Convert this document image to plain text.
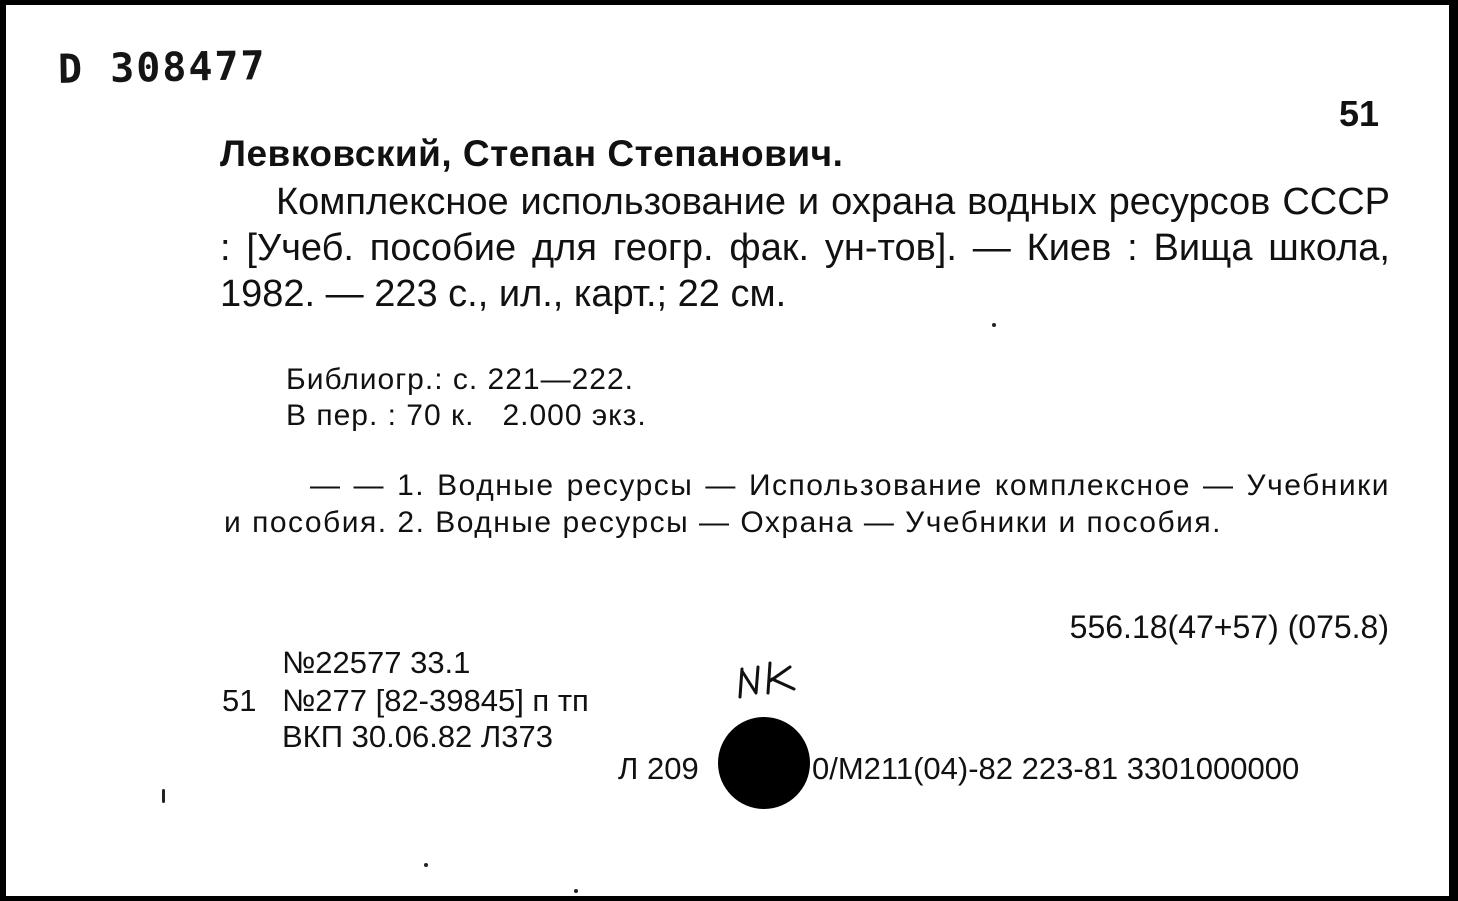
D 308477
51
Левковский, Степан Степанович.
Комплексное использование и охрана водных ресурсов СССР : [Учеб. пособие для геогр. фак. ун-тов]. — Киев : Вища школа, 1982. — 223 с., ил., карт.; 22 см.
Библиогр.: с. 221—222.
В пер. : 70 к.   2.000 экз.
— — 1. Водные ресурсы — Использование комплексное — Учебники и пособия. 2. Водные ресурсы — Охрана — Учебники и пособия.
556.18(47+57) (075.8)
№22577 33.1
51 №277 [82-39845] п тп
ВКП 30.06.82 Л373
Л 209	0/М211(04)-82 223-81 3301000000
